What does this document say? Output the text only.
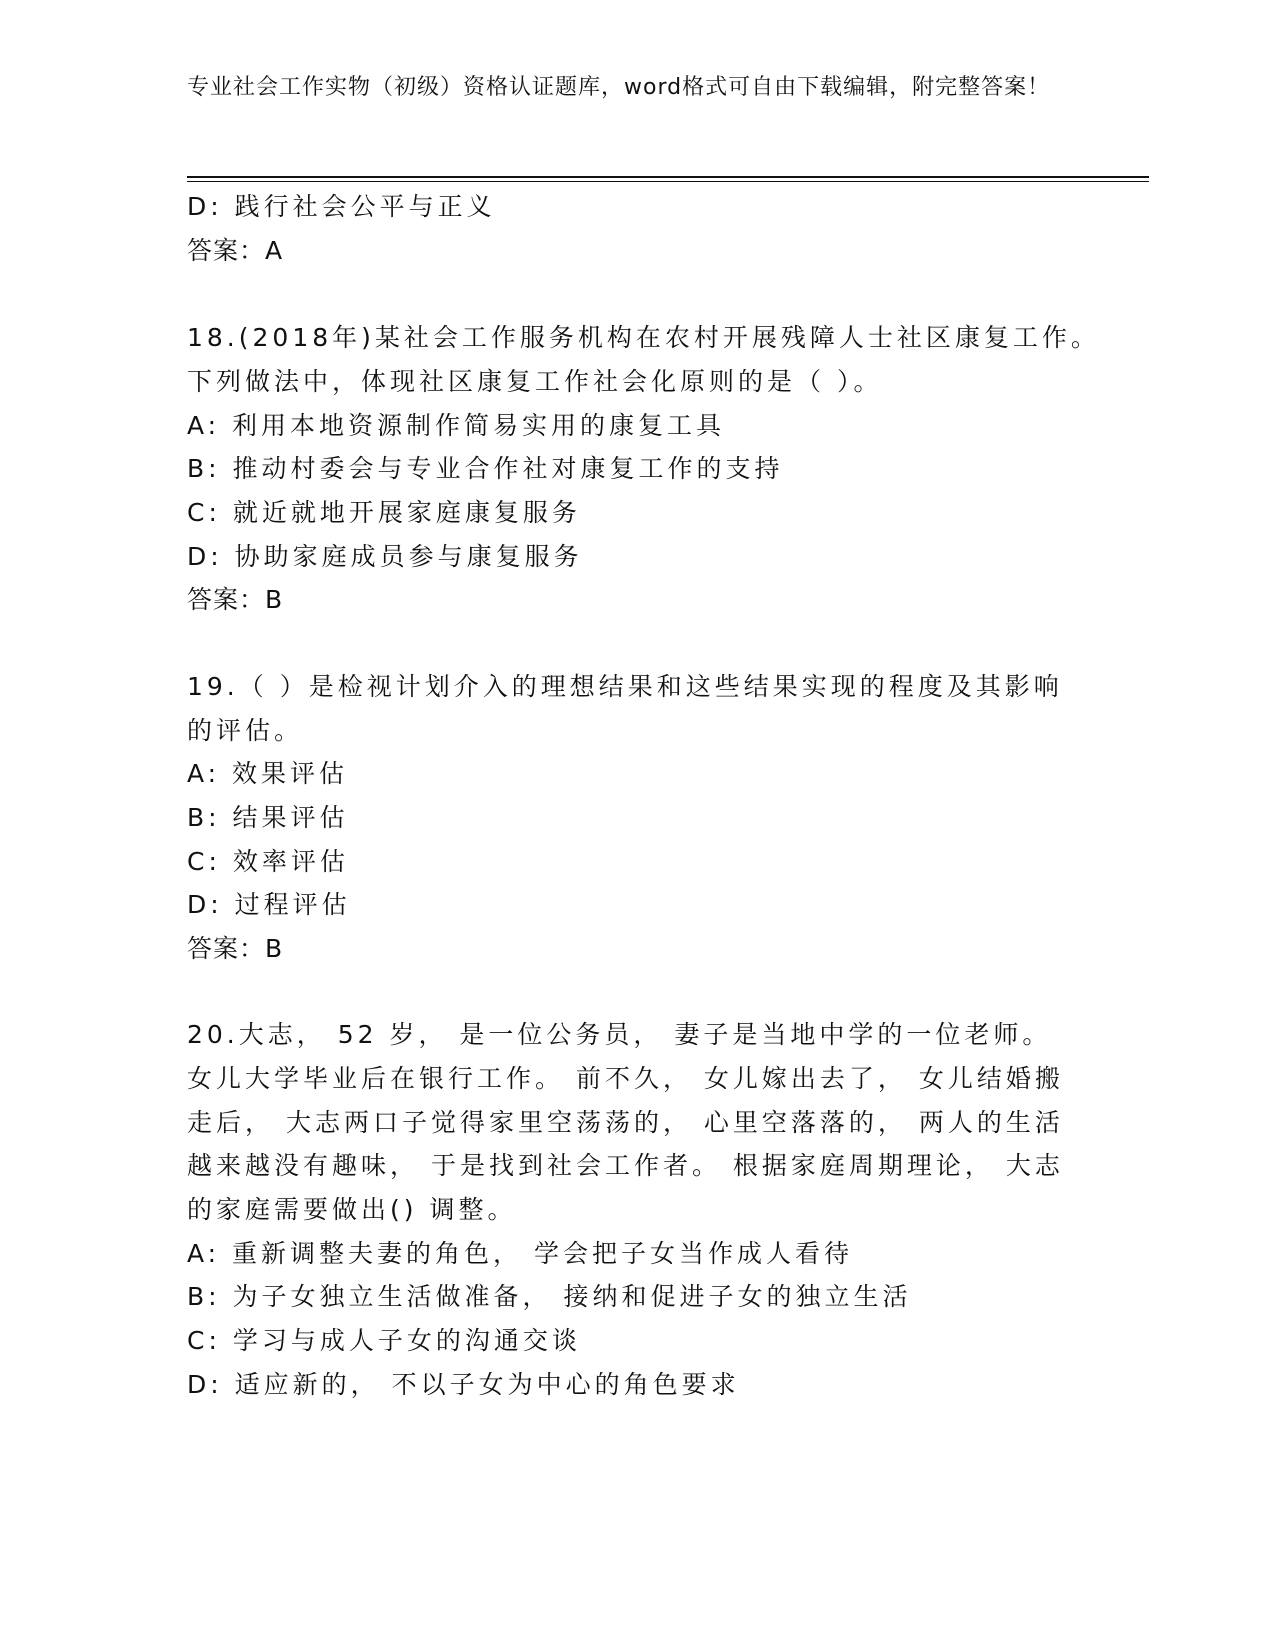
专业社会工作实物（初级）资格认证题库，word格式可自由下载编辑，附完整答案！
D: 践行社会公平与正义
答案：A
18.(2018年)某社会工作服务机构在农村开展残障人士社区康复工作。
下列做法中，体现社区康复工作社会化原则的是（ ）。
A: 利用本地资源制作简易实用的康复工具
B: 推动村委会与专业合作社对康复工作的支持
C: 就近就地开展家庭康复服务
D: 协助家庭成员参与康复服务
答案：B
19.（ ）是检视计划介入的理想结果和这些结果实现的程度及其影响
的评估。
A: 效果评估
B: 结果评估
C: 效率评估
D: 过程评估
答案：B
20.大志， 52 岁， 是一位公务员， 妻子是当地中学的一位老师。
女儿大学毕业后在银行工作。 前不久， 女儿嫁出去了， 女儿结婚搬
走后， 大志两口子觉得家里空荡荡的， 心里空落落的， 两人的生活
越来越没有趣味， 于是找到社会工作者。 根据家庭周期理论， 大志
的家庭需要做出() 调整。
A: 重新调整夫妻的角色， 学会把子女当作成人看待
B: 为子女独立生活做准备， 接纳和促进子女的独立生活
C: 学习与成人子女的沟通交谈
D: 适应新的， 不以子女为中心的角色要求
